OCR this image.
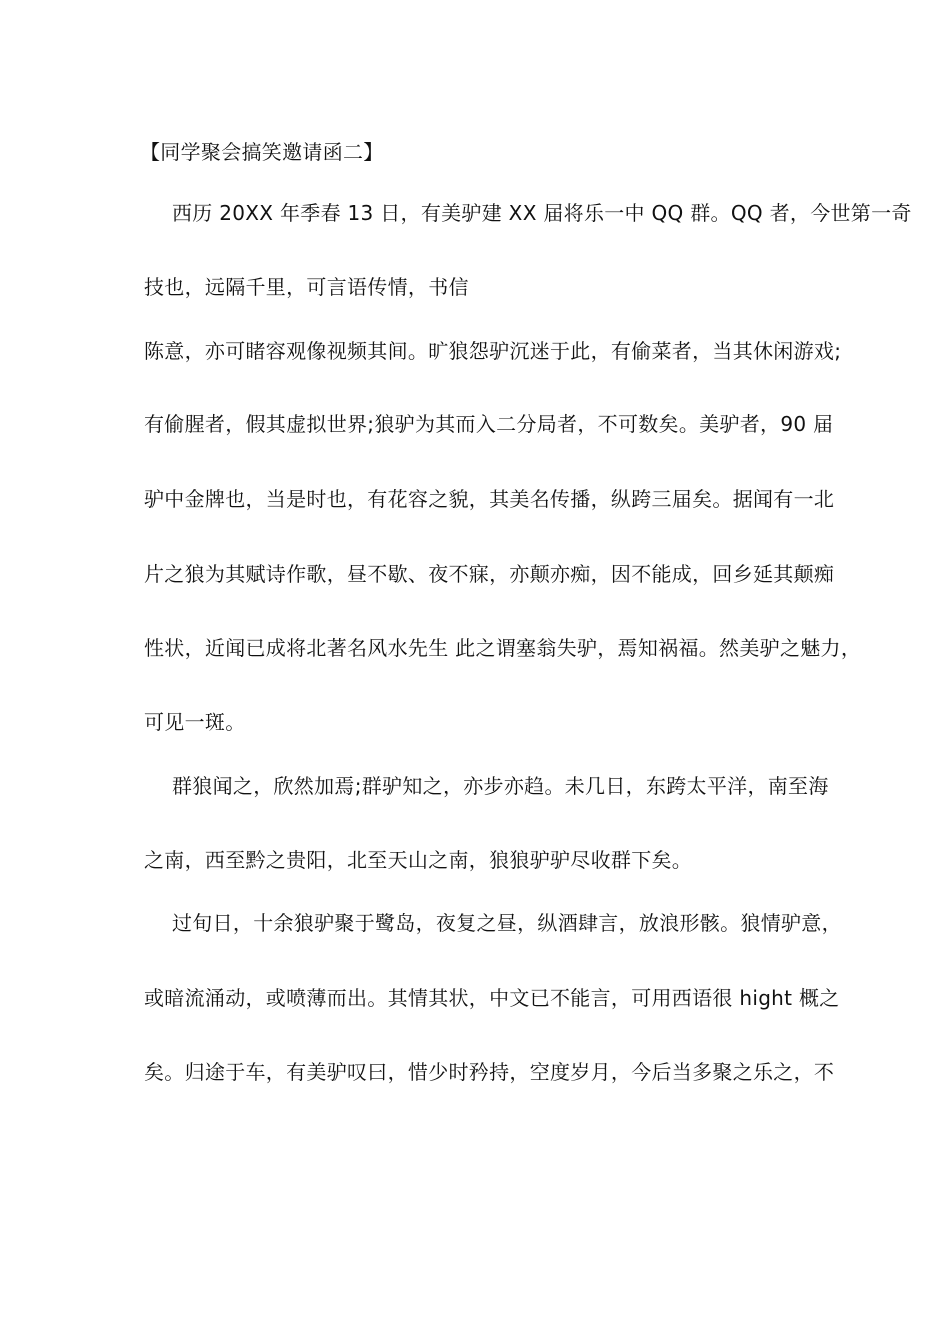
【同学聚会搞笑邀请函二】
西历 20XX 年季春 13 日，有美驴建 XX 届将乐一中 QQ 群。QQ 者，今世第一奇
技也，远隔千里，可言语传情，书信
陈意，亦可睹容观像视频其间。旷狼怨驴沉迷于此，有偷菜者，当其休闲游戏;
有偷腥者，假其虚拟世界;狼驴为其而入二分局者，不可数矣。美驴者，90 届
驴中金牌也，当是时也，有花容之貌，其美名传播，纵跨三届矣。据闻有一北
片之狼为其赋诗作歌，昼不歇、夜不寐，亦颠亦痴，因不能成，回乡延其颠痴
性状，近闻已成将北著名风水先生 此之谓塞翁失驴，焉知祸福。然美驴之魅力，
可见一斑。
群狼闻之，欣然加焉;群驴知之，亦步亦趋。未几日，东跨太平洋，南至海
之南，西至黔之贵阳，北至天山之南，狼狼驴驴尽收群下矣。
过旬日，十余狼驴聚于鹭岛，夜复之昼，纵酒肆言，放浪形骸。狼情驴意，
或暗流涌动，或喷薄而出。其情其状，中文已不能言，可用西语很 hight 概之
矣。归途于车，有美驴叹曰，惜少时矜持，空度岁月，今后当多聚之乐之，不
